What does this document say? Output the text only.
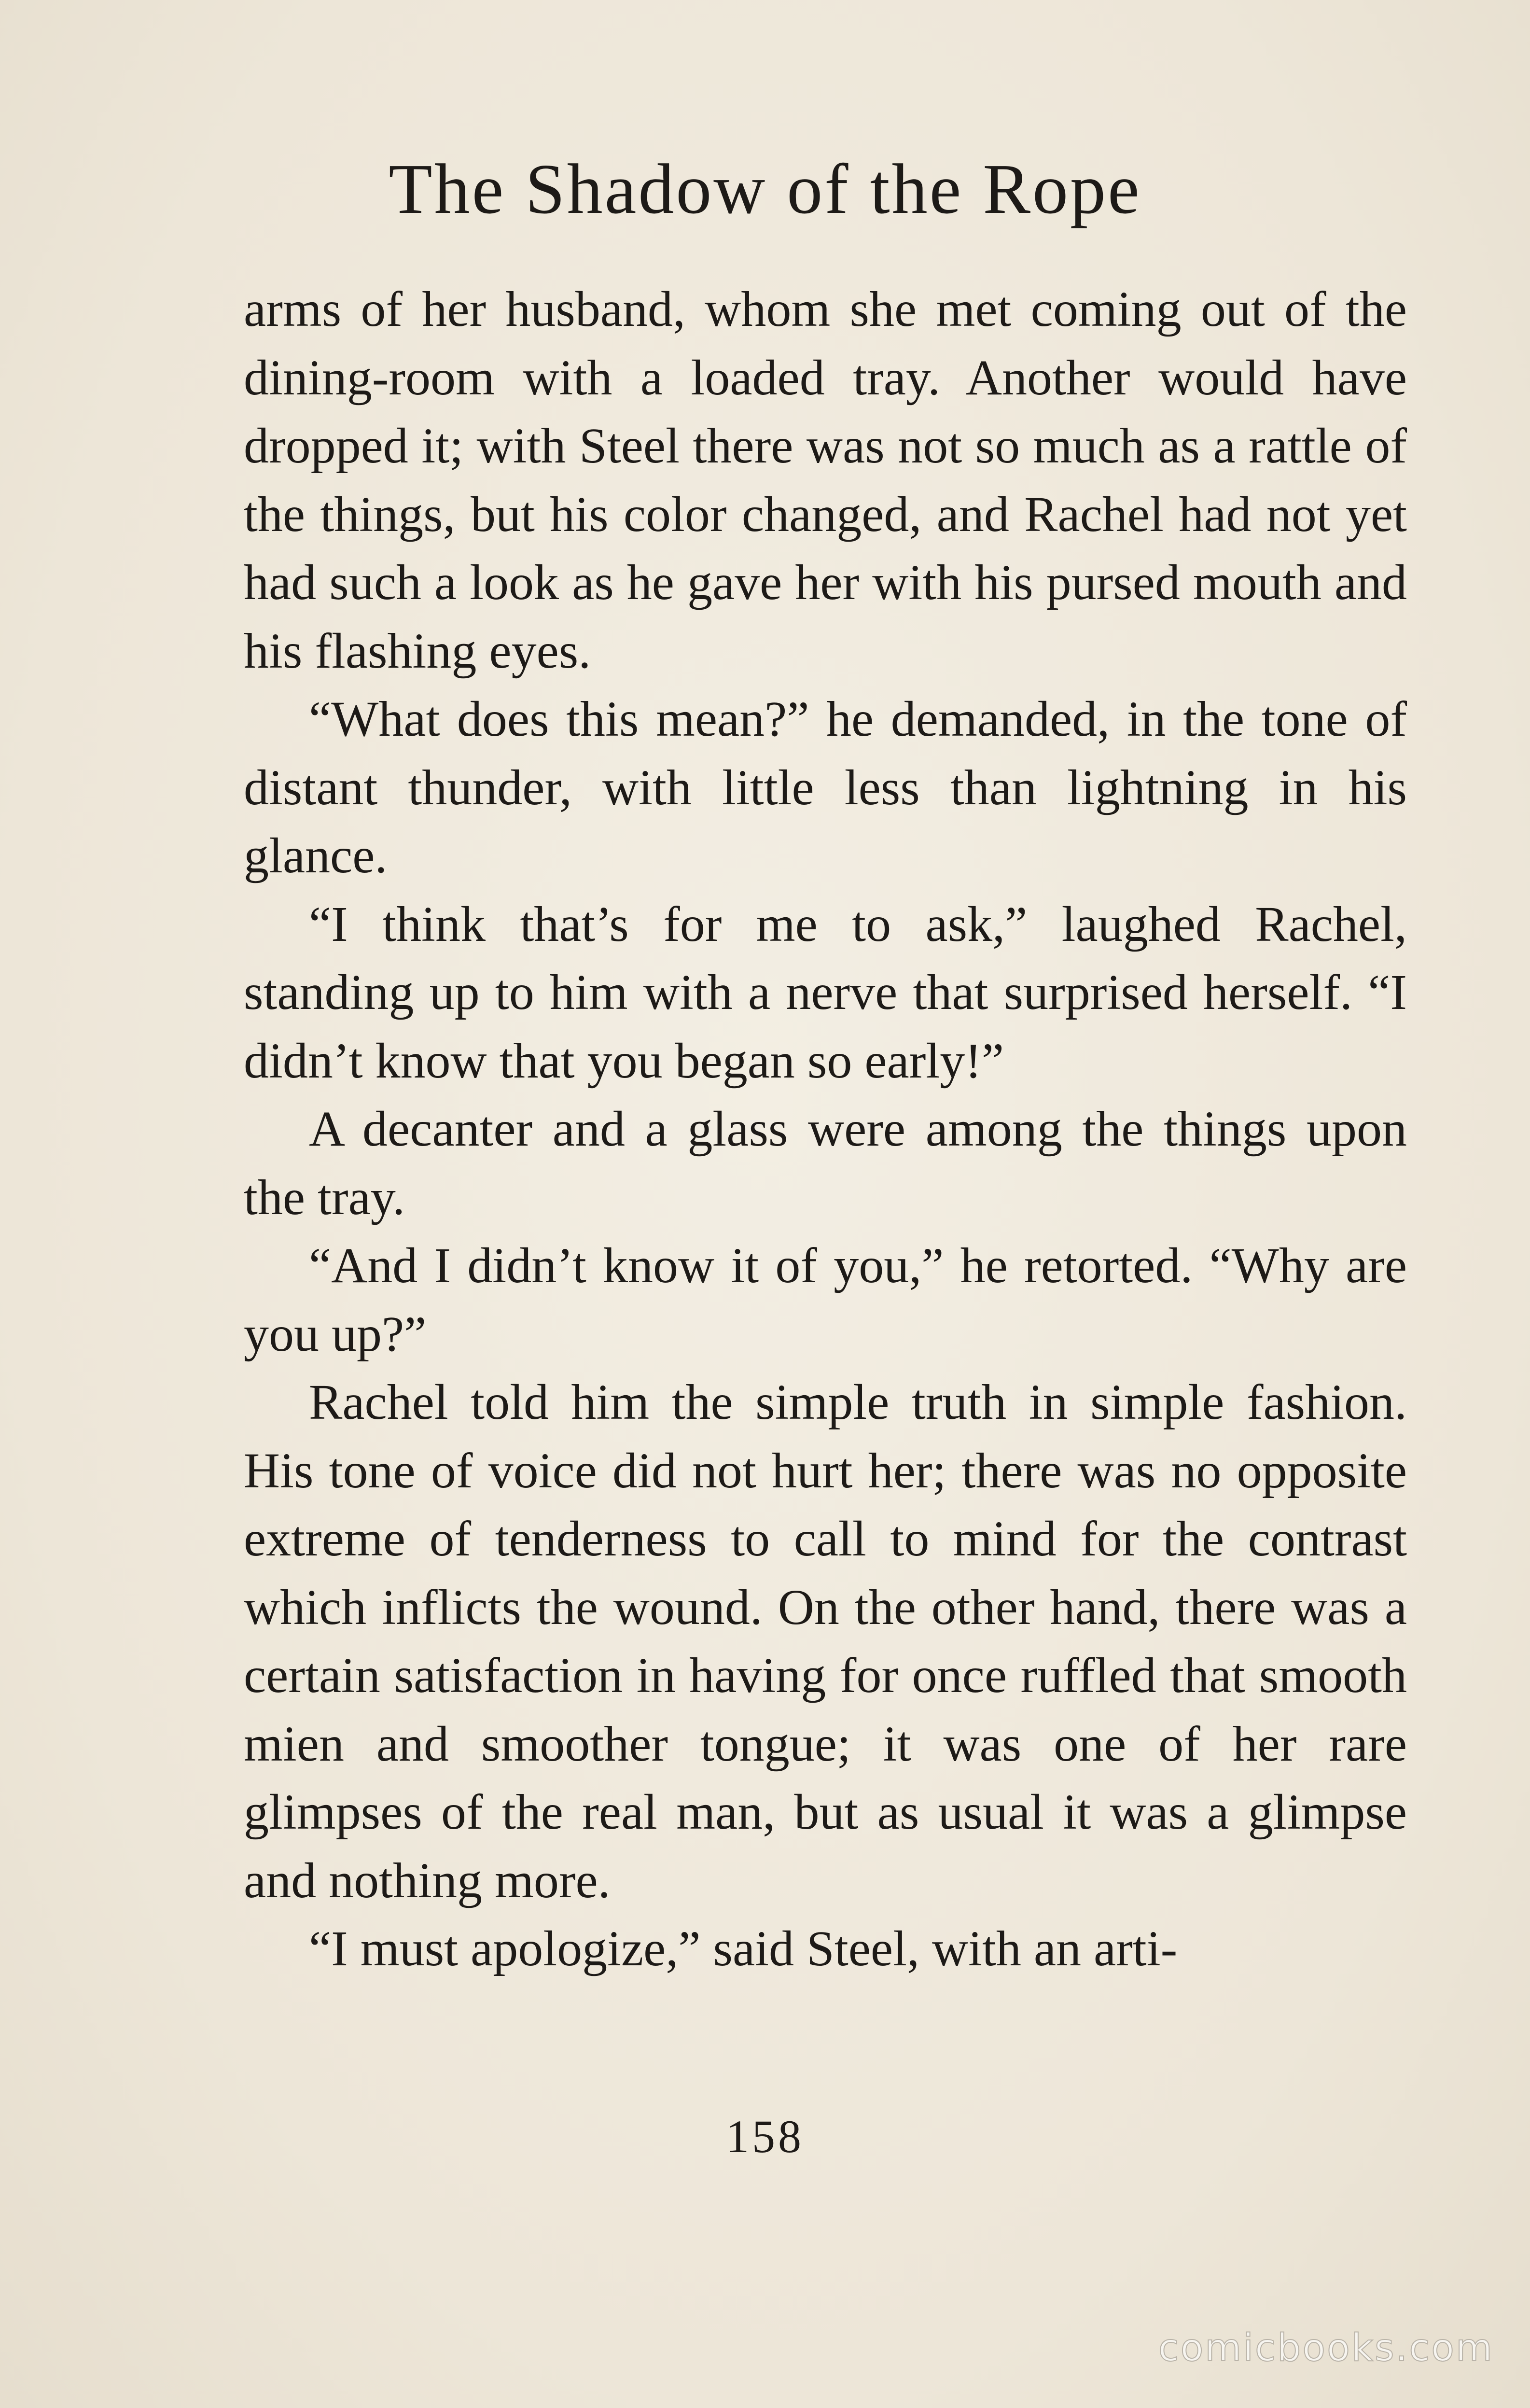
The Shadow of the Rope

arms of her husband, whom she met coming out of the dining-room with a loaded tray. Another would have dropped it; with Steel there was not so much as a rattle of the things, but his color changed, and Rachel had not yet had such a look as he gave her with his pursed mouth and his flashing eyes.

“What does this mean?” he demanded, in the tone of distant thunder, with little less than lightning in his glance.

“I think that’s for me to ask,” laughed Rachel, standing up to him with a nerve that surprised herself. “I didn’t know that you began so early!”

A decanter and a glass were among the things upon the tray.

“And I didn’t know it of you,” he retorted. “Why are you up?”

Rachel told him the simple truth in simple fashion. His tone of voice did not hurt her; there was no opposite extreme of tenderness to call to mind for the contrast which inflicts the wound. On the other hand, there was a certain satisfaction in having for once ruffled that smooth mien and smoother tongue; it was one of her rare glimpses of the real man, but as usual it was a glimpse and nothing more.

“I must apologize,” said Steel, with an arti-

158
comicbooks.com
